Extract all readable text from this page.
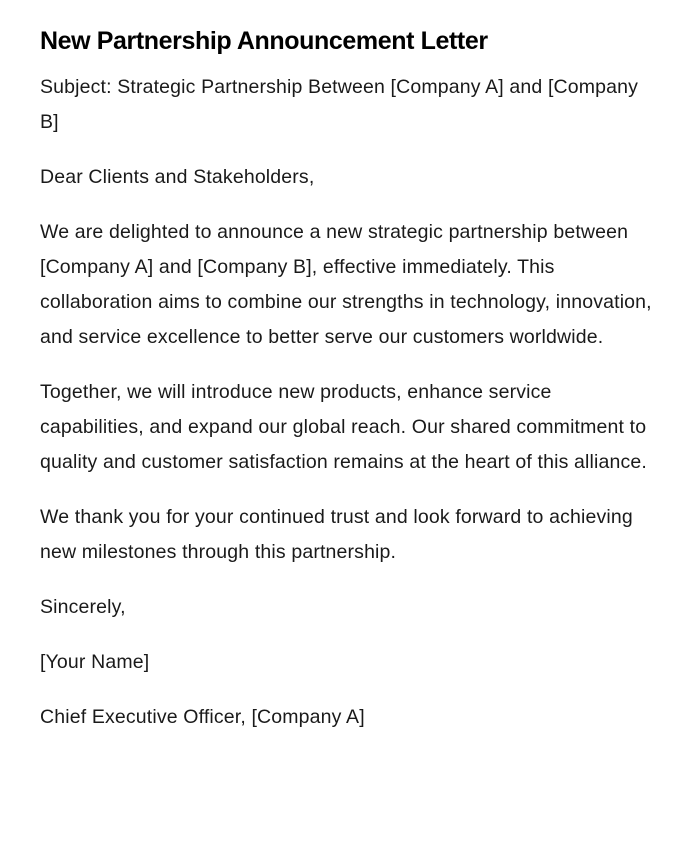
New Partnership Announcement Letter

Subject: Strategic Partnership Between [Company A] and [Company B]

Dear Clients and Stakeholders,

We are delighted to announce a new strategic partnership between [Company A] and [Company B], effective immediately. This collaboration aims to combine our strengths in technology, innovation, and service excellence to better serve our customers worldwide.

Together, we will introduce new products, enhance service capabilities, and expand our global reach. Our shared commitment to quality and customer satisfaction remains at the heart of this alliance.

We thank you for your continued trust and look forward to achieving new milestones through this partnership.

Sincerely,

[Your Name]

Chief Executive Officer, [Company A]
